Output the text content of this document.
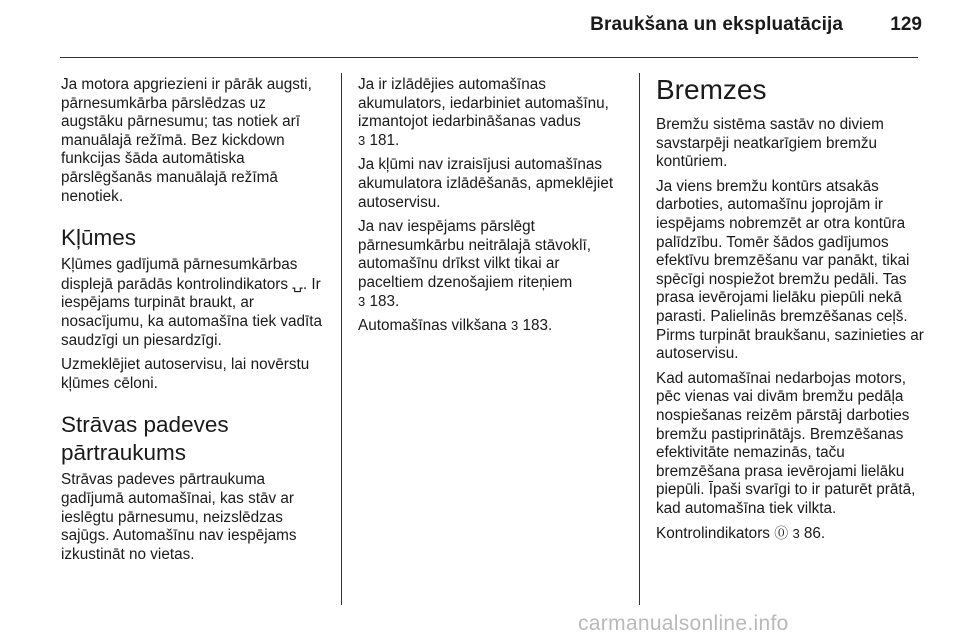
Braukšana un ekspluatācija 129

Ja motora apgriezieni ir pārāk augsti, pārnesumkārba pārslēdzas uz augstāku pārnesumu; tas notiek arī manuālajā režīmā. Bez kickdown funkcijas šāda automātiska pārslēgšanās manuālajā režīmā nenotiek.

Kļūmes

Kļūmes gadījumā pārnesumkārbas displejā parādās kontrolindikators ⍽. Ir iespējams turpināt braukt, ar nosacījumu, ka automašīna tiek vadīta saudzīgi un piesardzīgi.

Uzmeklējiet autoservisu, lai novērstu kļūmes cēloni.

Strāvas padeves pārtraukums

Strāvas padeves pārtraukuma gadījumā automašīnai, kas stāv ar ieslēgtu pārnesumu, neizslēdzas sajūgs. Automašīnu nav iespējams izkustināt no vietas.

Ja ir izlādējies automašīnas akumulators, iedarbiniet automašīnu, izmantojot iedarbināšanas vadus
3 181.

Ja kļūmi nav izraisījusi automašīnas akumulatora izlādēšanās, apmeklējiet autoservisu.

Ja nav iespējams pārslēgt pārnesumkārbu neitrālajā stāvoklī, automašīnu drīkst vilkt tikai ar paceltiem dzenošajiem riteņiem
3 183.

Automašīnas vilkšana 3 183.

Bremzes

Bremžu sistēma sastāv no diviem savstarpēji neatkarīgiem bremžu kontūriem.

Ja viens bremžu kontūrs atsakās darboties, automašīnu joprojām ir iespējams nobremzēt ar otra kontūra palīdzību. Tomēr šādos gadījumos efektīvu bremzēšanu var panākt, tikai spēcīgi nospiežot bremžu pedāli. Tas prasa ievērojami lielāku piepūli nekā parasti. Palielinās bremzēšanas ceļš. Pirms turpināt braukšanu, sazinieties ar autoservisu.

Kad automašīnai nedarbojas motors, pēc vienas vai divām bremžu pedāļa nospiešanas reizēm pārstāj darboties bremžu pastiprinātājs. Bremzēšanas efektivitāte nemazinās, taču bremzēšana prasa ievērojami lielāku piepūli. Īpaši svarīgi to ir paturēt prātā, kad automašīna tiek vilkta.

Kontrolindikators ⓪ 3 86.

carmanualsonline.info
